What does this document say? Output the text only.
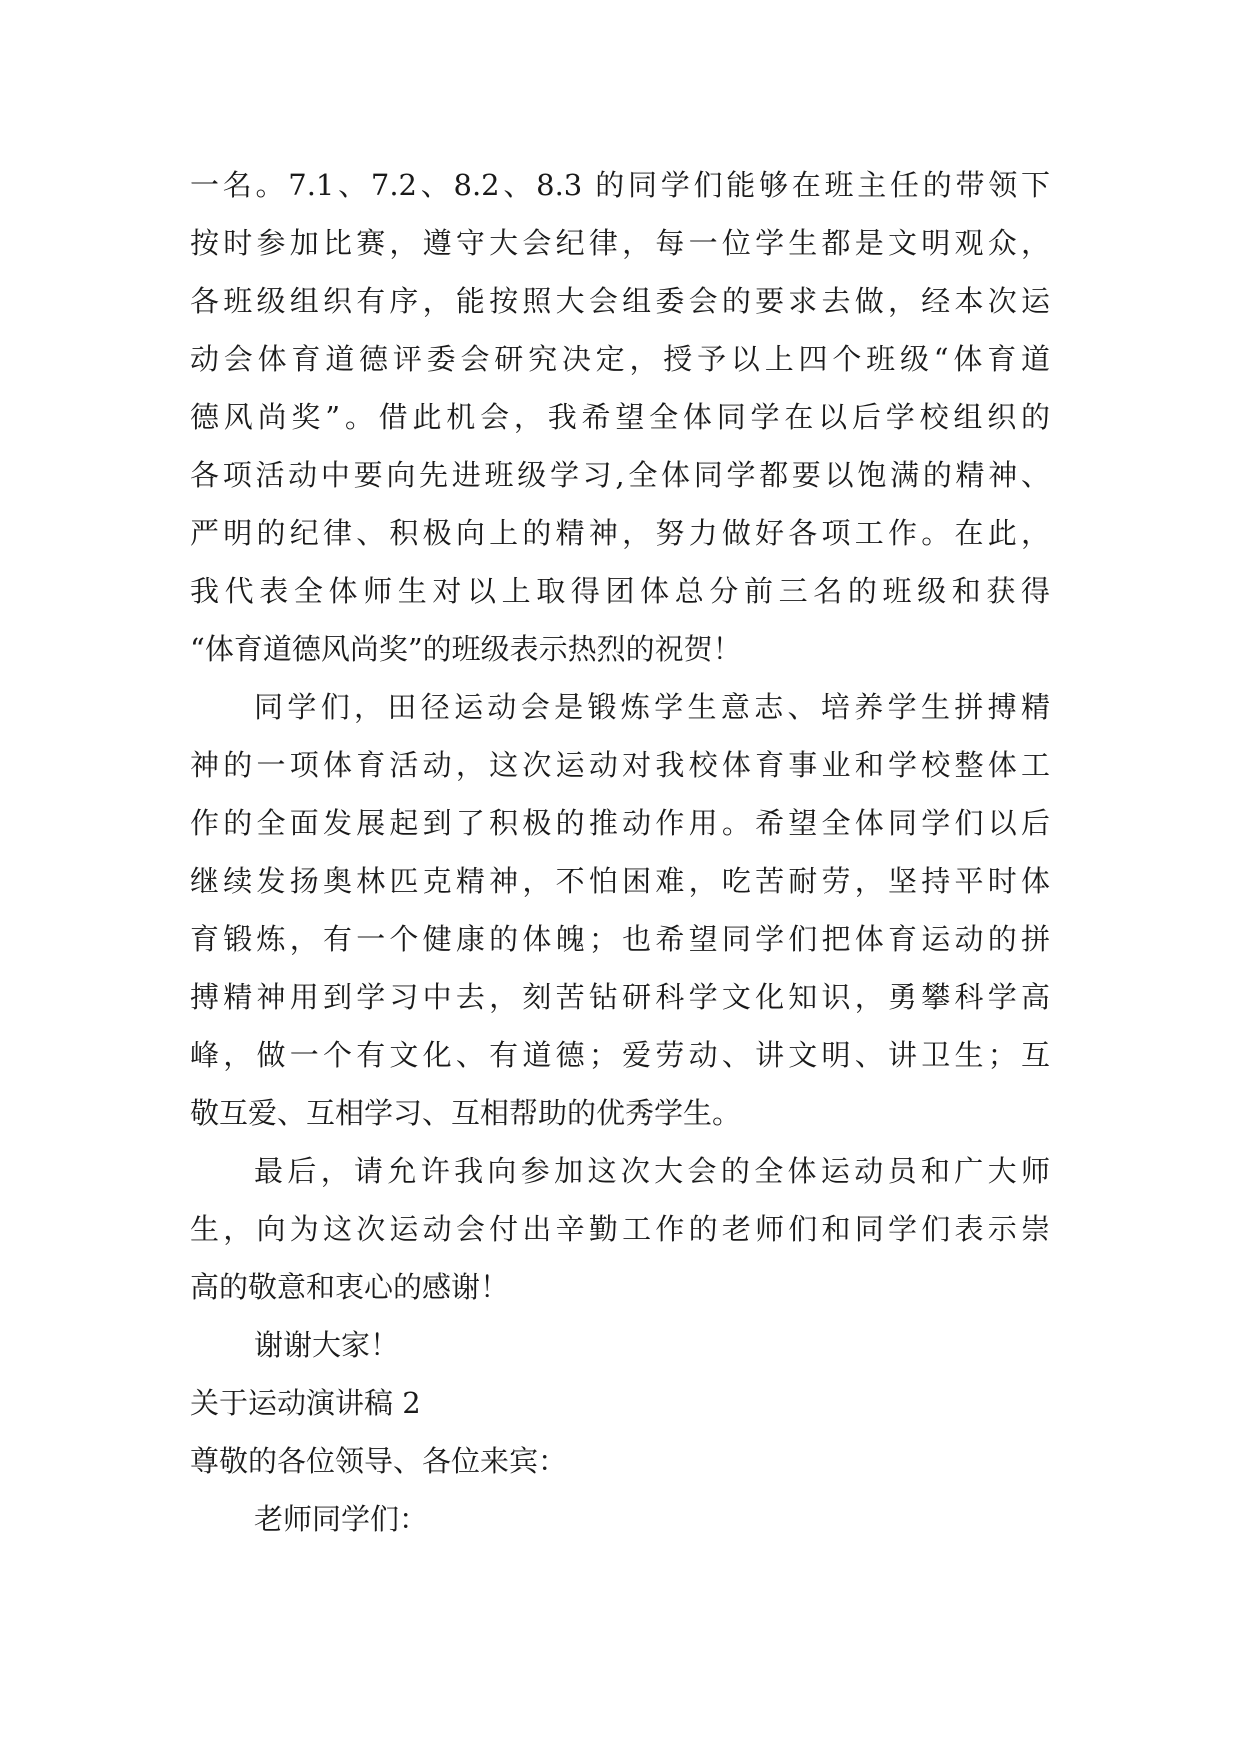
一名。7.1、7.2、8.2、8.3 的同学们能够在班主任的带领下
按时参加比赛，遵守大会纪律，每一位学生都是文明观众，
各班级组织有序，能按照大会组委会的要求去做，经本次运
动会体育道德评委会研究决定，授予以上四个班级“体育道
德风尚奖”。借此机会，我希望全体同学在以后学校组织的
各项活动中要向先进班级学习,全体同学都要以饱满的精神、
严明的纪律、积极向上的精神，努力做好各项工作。在此，
我代表全体师生对以上取得团体总分前三名的班级和获得
“体育道德风尚奖”的班级表示热烈的祝贺！
同学们，田径运动会是锻炼学生意志、培养学生拼搏精
神的一项体育活动，这次运动对我校体育事业和学校整体工
作的全面发展起到了积极的推动作用。希望全体同学们以后
继续发扬奥林匹克精神，不怕困难，吃苦耐劳，坚持平时体
育锻炼，有一个健康的体魄；也希望同学们把体育运动的拼
搏精神用到学习中去，刻苦钻研科学文化知识，勇攀科学高
峰，做一个有文化、有道德；爱劳动、讲文明、讲卫生；互
敬互爱、互相学习、互相帮助的优秀学生。
最后，请允许我向参加这次大会的全体运动员和广大师
生，向为这次运动会付出辛勤工作的老师们和同学们表示崇
高的敬意和衷心的感谢！
谢谢大家！
关于运动演讲稿 2
尊敬的各位领导、各位来宾：
老师同学们：
